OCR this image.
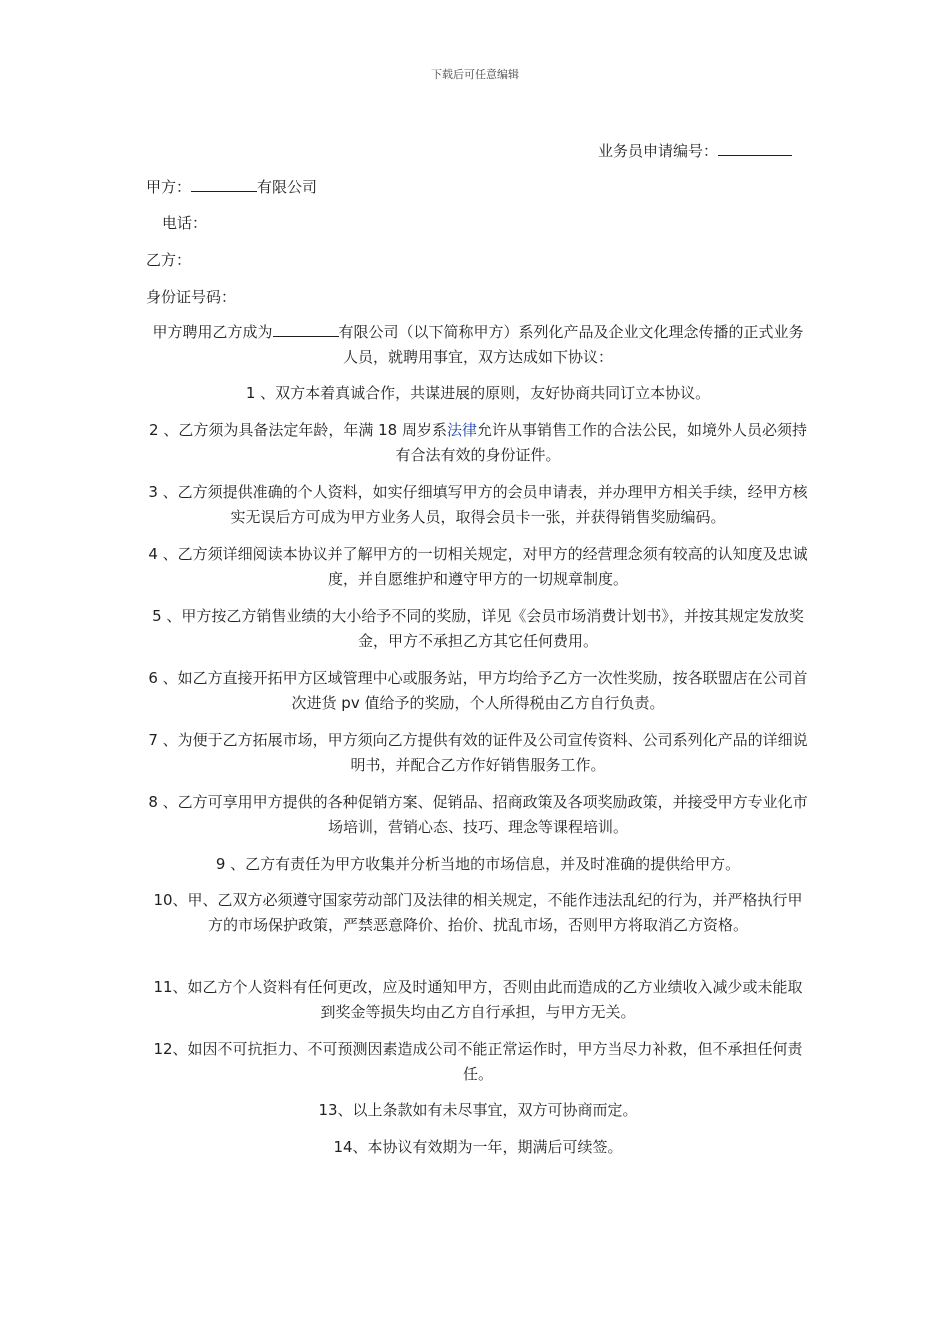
下载后可任意编辑
业务员申请编号：
甲方：	有限公司
电话：
乙方：
身份证号码：
甲方聘用乙方成为	有限公司（以下简称甲方）系列化产品及企业文化理念传播的正式业务人员，就聘用事宜，双方达成如下协议：
1 、双方本着真诚合作，共谋进展的原则，友好协商共同订立本协议。
2 、乙方须为具备法定年龄，年满 18 周岁系法律允许从事销售工作的合法公民，如境外人员必须持有合法有效的身份证件。
3 、乙方须提供准确的个人资料，如实仔细填写甲方的会员申请表，并办理甲方相关手续，经甲方核实无误后方可成为甲方业务人员，取得会员卡一张，并获得销售奖励编码。
4 、乙方须详细阅读本协议并了解甲方的一切相关规定，对甲方的经营理念须有较高的认知度及忠诚度，并自愿维护和遵守甲方的一切规章制度。
5 、甲方按乙方销售业绩的大小给予不同的奖励，详见《会员市场消费计划书》，并按其规定发放奖金，甲方不承担乙方其它任何费用。
6 、如乙方直接开拓甲方区域管理中心或服务站，甲方均给予乙方一次性奖励，按各联盟店在公司首次进货 pv 值给予的奖励，个人所得税由乙方自行负责。
7 、为便于乙方拓展市场，甲方须向乙方提供有效的证件及公司宣传资料、公司系列化产品的详细说明书，并配合乙方作好销售服务工作。
8 、乙方可享用甲方提供的各种促销方案、促销品、招商政策及各项奖励政策，并接受甲方专业化市场培训，营销心态、技巧、理念等课程培训。
9 、乙方有责任为甲方收集并分析当地的市场信息，并及时准确的提供给甲方。
10、甲、乙双方必须遵守国家劳动部门及法律的相关规定，不能作违法乱纪的行为，并严格执行甲方的市场保护政策，严禁恶意降价、抬价、扰乱市场，否则甲方将取消乙方资格。
11、如乙方个人资料有任何更改，应及时通知甲方，否则由此而造成的乙方业绩收入减少或未能取到奖金等损失均由乙方自行承担，与甲方无关。
12、如因不可抗拒力、不可预测因素造成公司不能正常运作时，甲方当尽力补救，但不承担任何责任。
13、以上条款如有未尽事宜，双方可协商而定。
14、本协议有效期为一年，期满后可续签。
